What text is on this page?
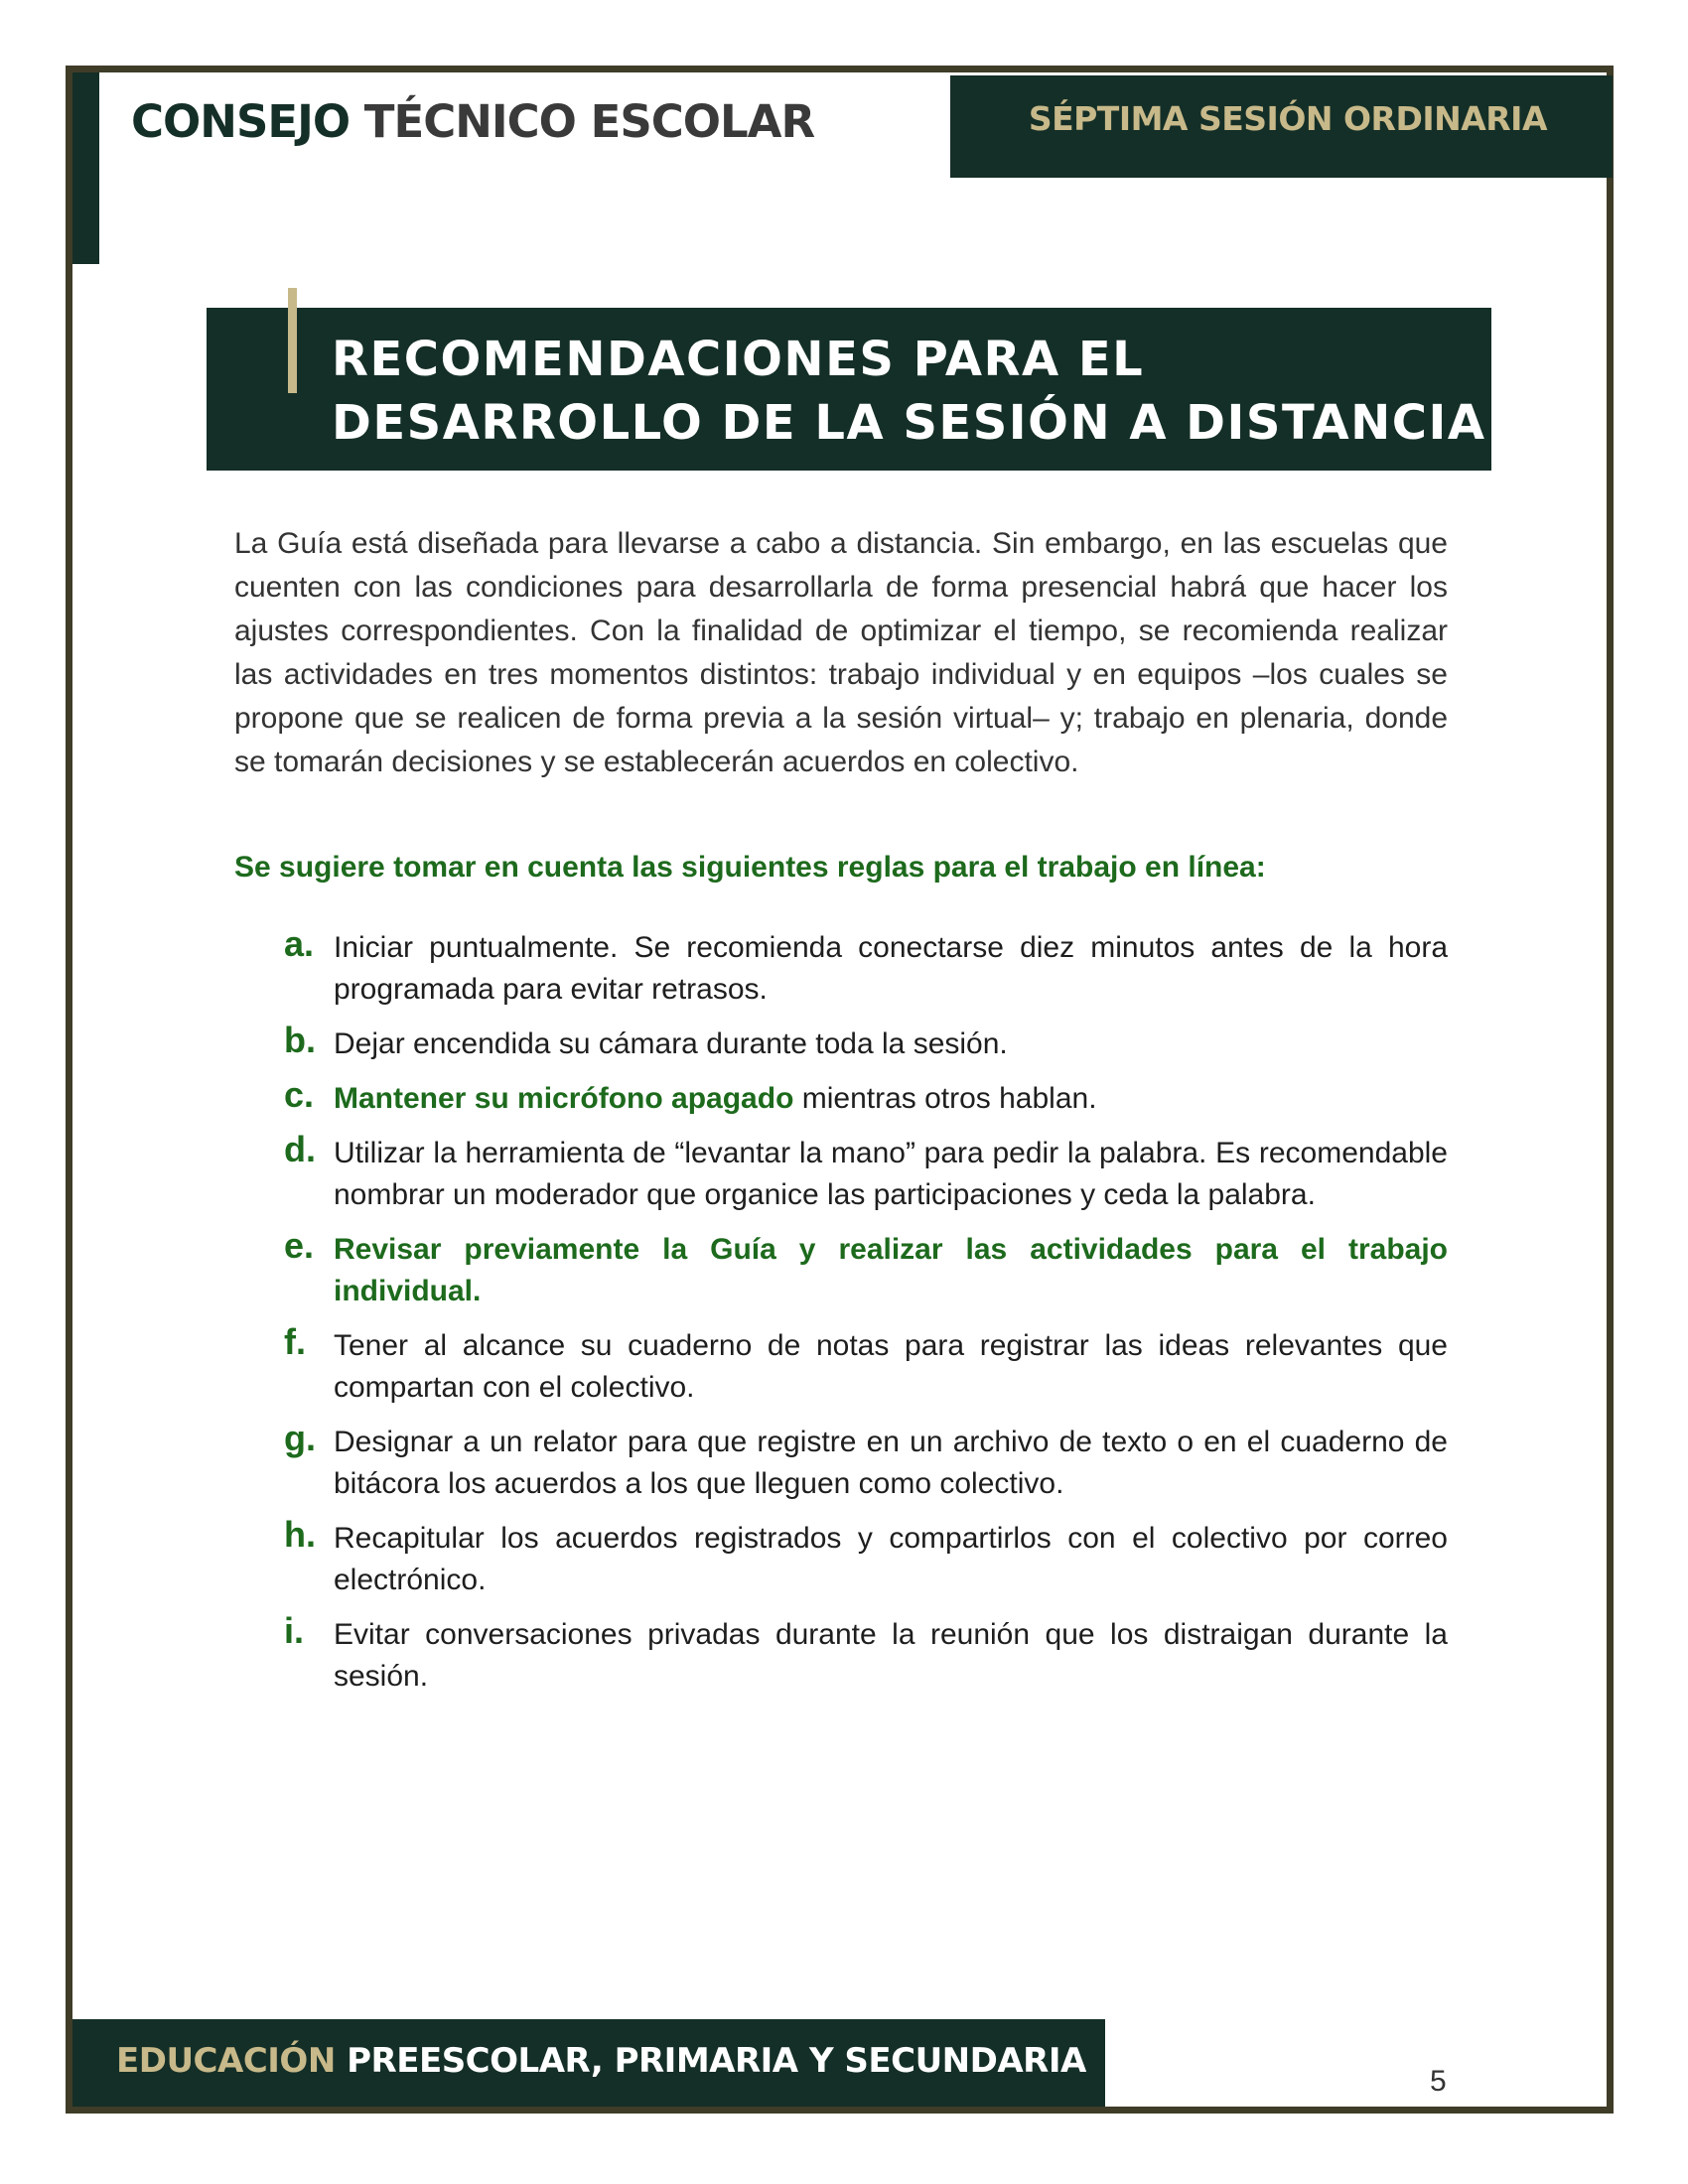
CONSEJO TÉCNICO ESCOLAR	SÉPTIMA SESIÓN ORDINARIA
RECOMENDACIONES PARA EL
DESARROLLO DE LA SESIÓN A DISTANCIA

La Guía está diseñada para llevarse a cabo a distancia. Sin embargo, en las escuelas que cuenten con las condiciones para desarrollarla de forma presencial habrá que hacer los ajustes correspondientes. Con la finalidad de optimizar el tiempo, se recomienda realizar las actividades en tres momentos distintos: trabajo individual y en equipos –los cuales se propone que se realicen de forma previa a la sesión virtual– y; trabajo en plenaria, donde se tomarán decisiones y se establecerán acuerdos en colectivo.

Se sugiere tomar en cuenta las siguientes reglas para el trabajo en línea:

a. Iniciar puntualmente. Se recomienda conectarse diez minutos antes de la hora programada para evitar retrasos.
b. Dejar encendida su cámara durante toda la sesión.
c. Mantener su micrófono apagado mientras otros hablan.
d. Utilizar la herramienta de “levantar la mano” para pedir la palabra. Es recomendable nombrar un moderador que organice las participaciones y ceda la palabra.
e. Revisar previamente la Guía y realizar las actividades para el trabajo individual.
f. Tener al alcance su cuaderno de notas para registrar las ideas relevantes que compartan con el colectivo.
g. Designar a un relator para que registre en un archivo de texto o en el cuaderno de bitácora los acuerdos a los que lleguen como colectivo.
h. Recapitular los acuerdos registrados y compartirlos con el colectivo por correo electrónico.
i. Evitar conversaciones privadas durante la reunión que los distraigan durante la sesión.
EDUCACIÓN PREESCOLAR, PRIMARIA Y SECUNDARIA
5
